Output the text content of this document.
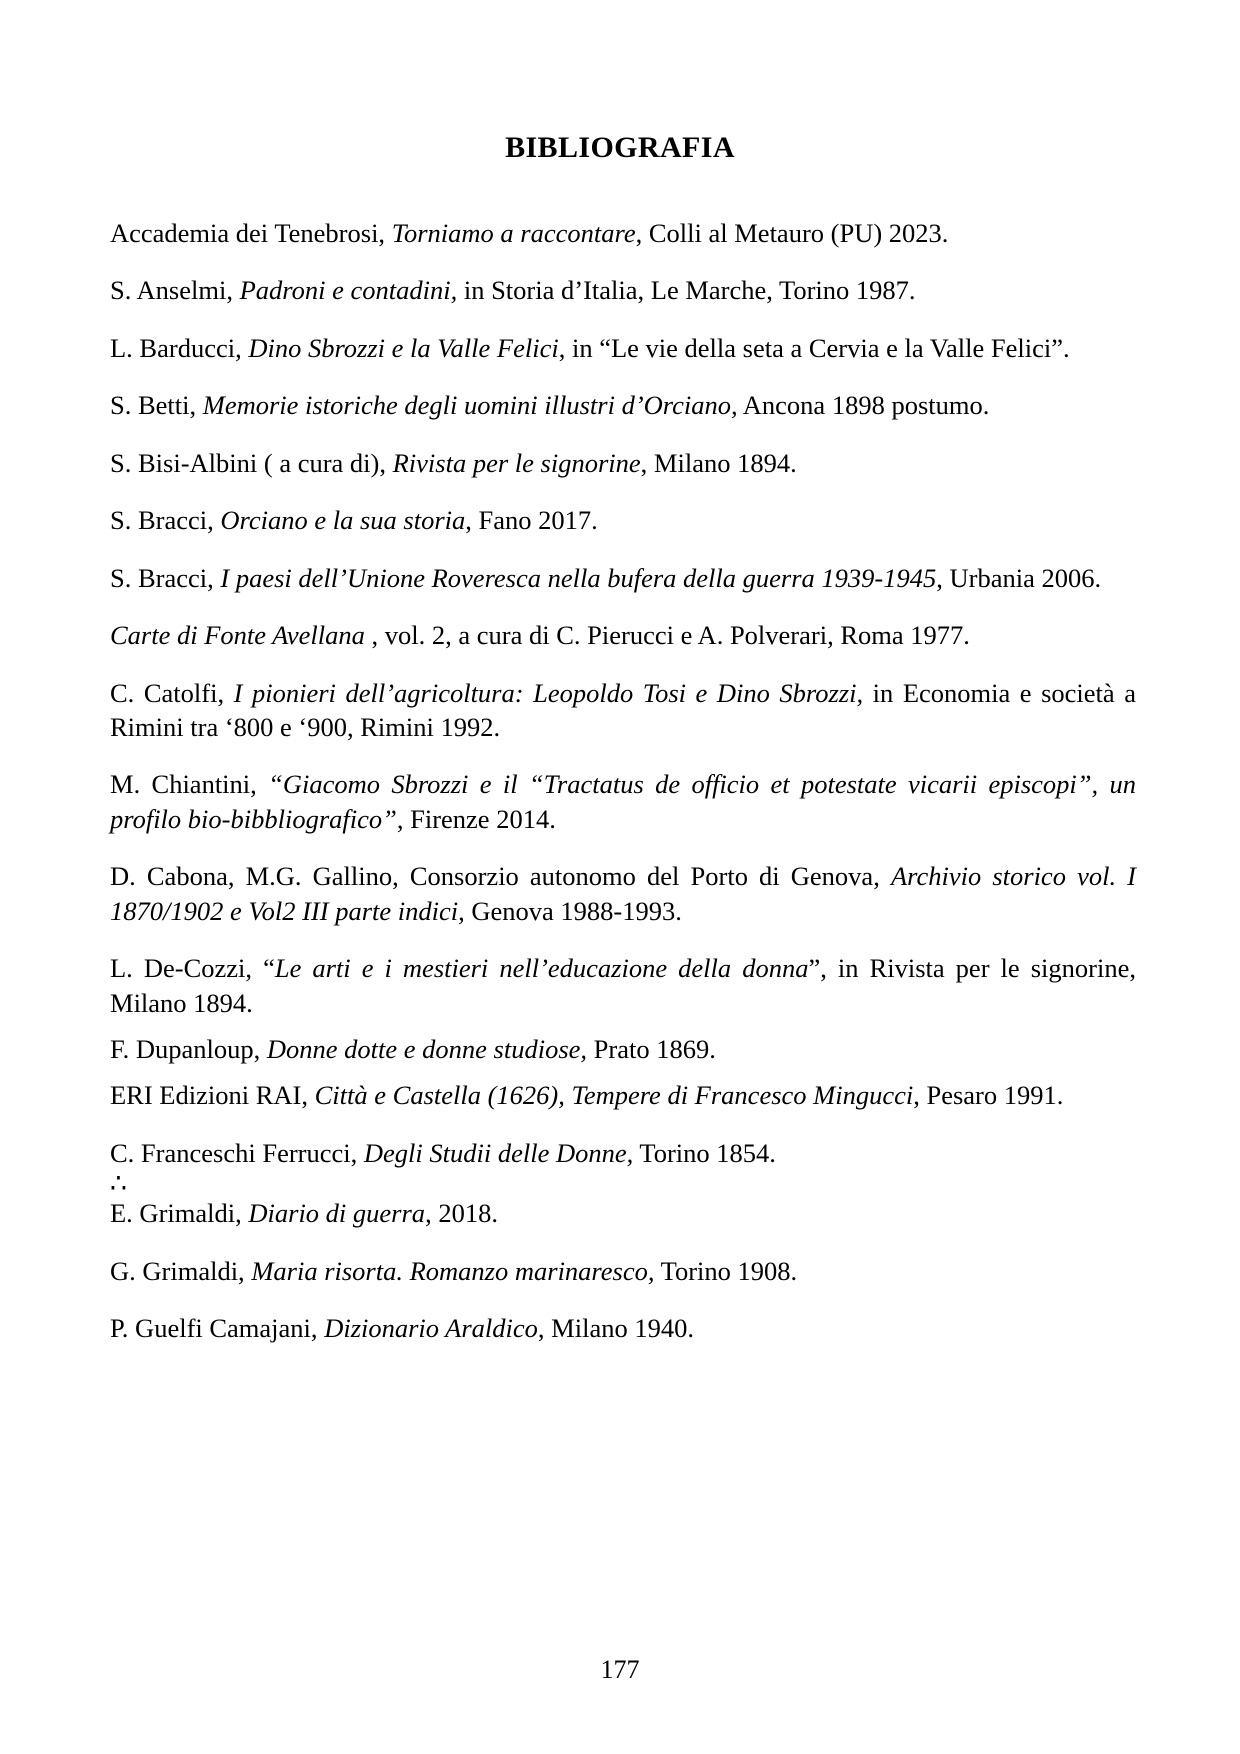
BIBLIOGRAFIA

Accademia dei Tenebrosi, Torniamo a raccontare, Colli al Metauro (PU) 2023.

S. Anselmi, Padroni e contadini, in Storia d’Italia, Le Marche, Torino 1987.

L. Barducci, Dino Sbrozzi e la Valle Felici, in “Le vie della seta a Cervia e la Valle Felici”.

S. Betti, Memorie istoriche degli uomini illustri d’Orciano, Ancona 1898 postumo.

S. Bisi-Albini ( a cura di), Rivista per le signorine, Milano 1894.

S. Bracci, Orciano e la sua storia, Fano 2017.

S. Bracci, I paesi dell’Unione Roveresca nella bufera della guerra 1939-1945, Urbania 2006.

Carte di Fonte Avellana , vol. 2, a cura di C. Pierucci e A. Polverari, Roma 1977.

C. Catolfi, I pionieri dell’agricoltura: Leopoldo Tosi e Dino Sbrozzi, in Economia e società a Rimini tra ‘800 e ‘900, Rimini 1992.

M. Chiantini, “Giacomo Sbrozzi e il “Tractatus de officio et potestate vicarii episcopi”, un profilo bio-bibbliografico”, Firenze 2014.

D. Cabona, M.G. Gallino, Consorzio autonomo del Porto di Genova, Archivio storico vol. I 1870/1902 e Vol2 III parte indici, Genova 1988-1993.

L. De-Cozzi, “Le arti e i mestieri nell’educazione della donna”, in Rivista per le signorine, Milano 1894.

F. Dupanloup, Donne dotte e donne studiose, Prato 1869.

ERI Edizioni RAI, Città e Castella (1626), Tempere di Francesco Mingucci, Pesaro 1991.

C. Franceschi Ferrucci, Degli Studii delle Donne, Torino 1854.

∴

E. Grimaldi, Diario di guerra, 2018.

G. Grimaldi, Maria risorta. Romanzo marinaresco, Torino 1908.

P. Guelfi Camajani, Dizionario Araldico, Milano 1940.

177
